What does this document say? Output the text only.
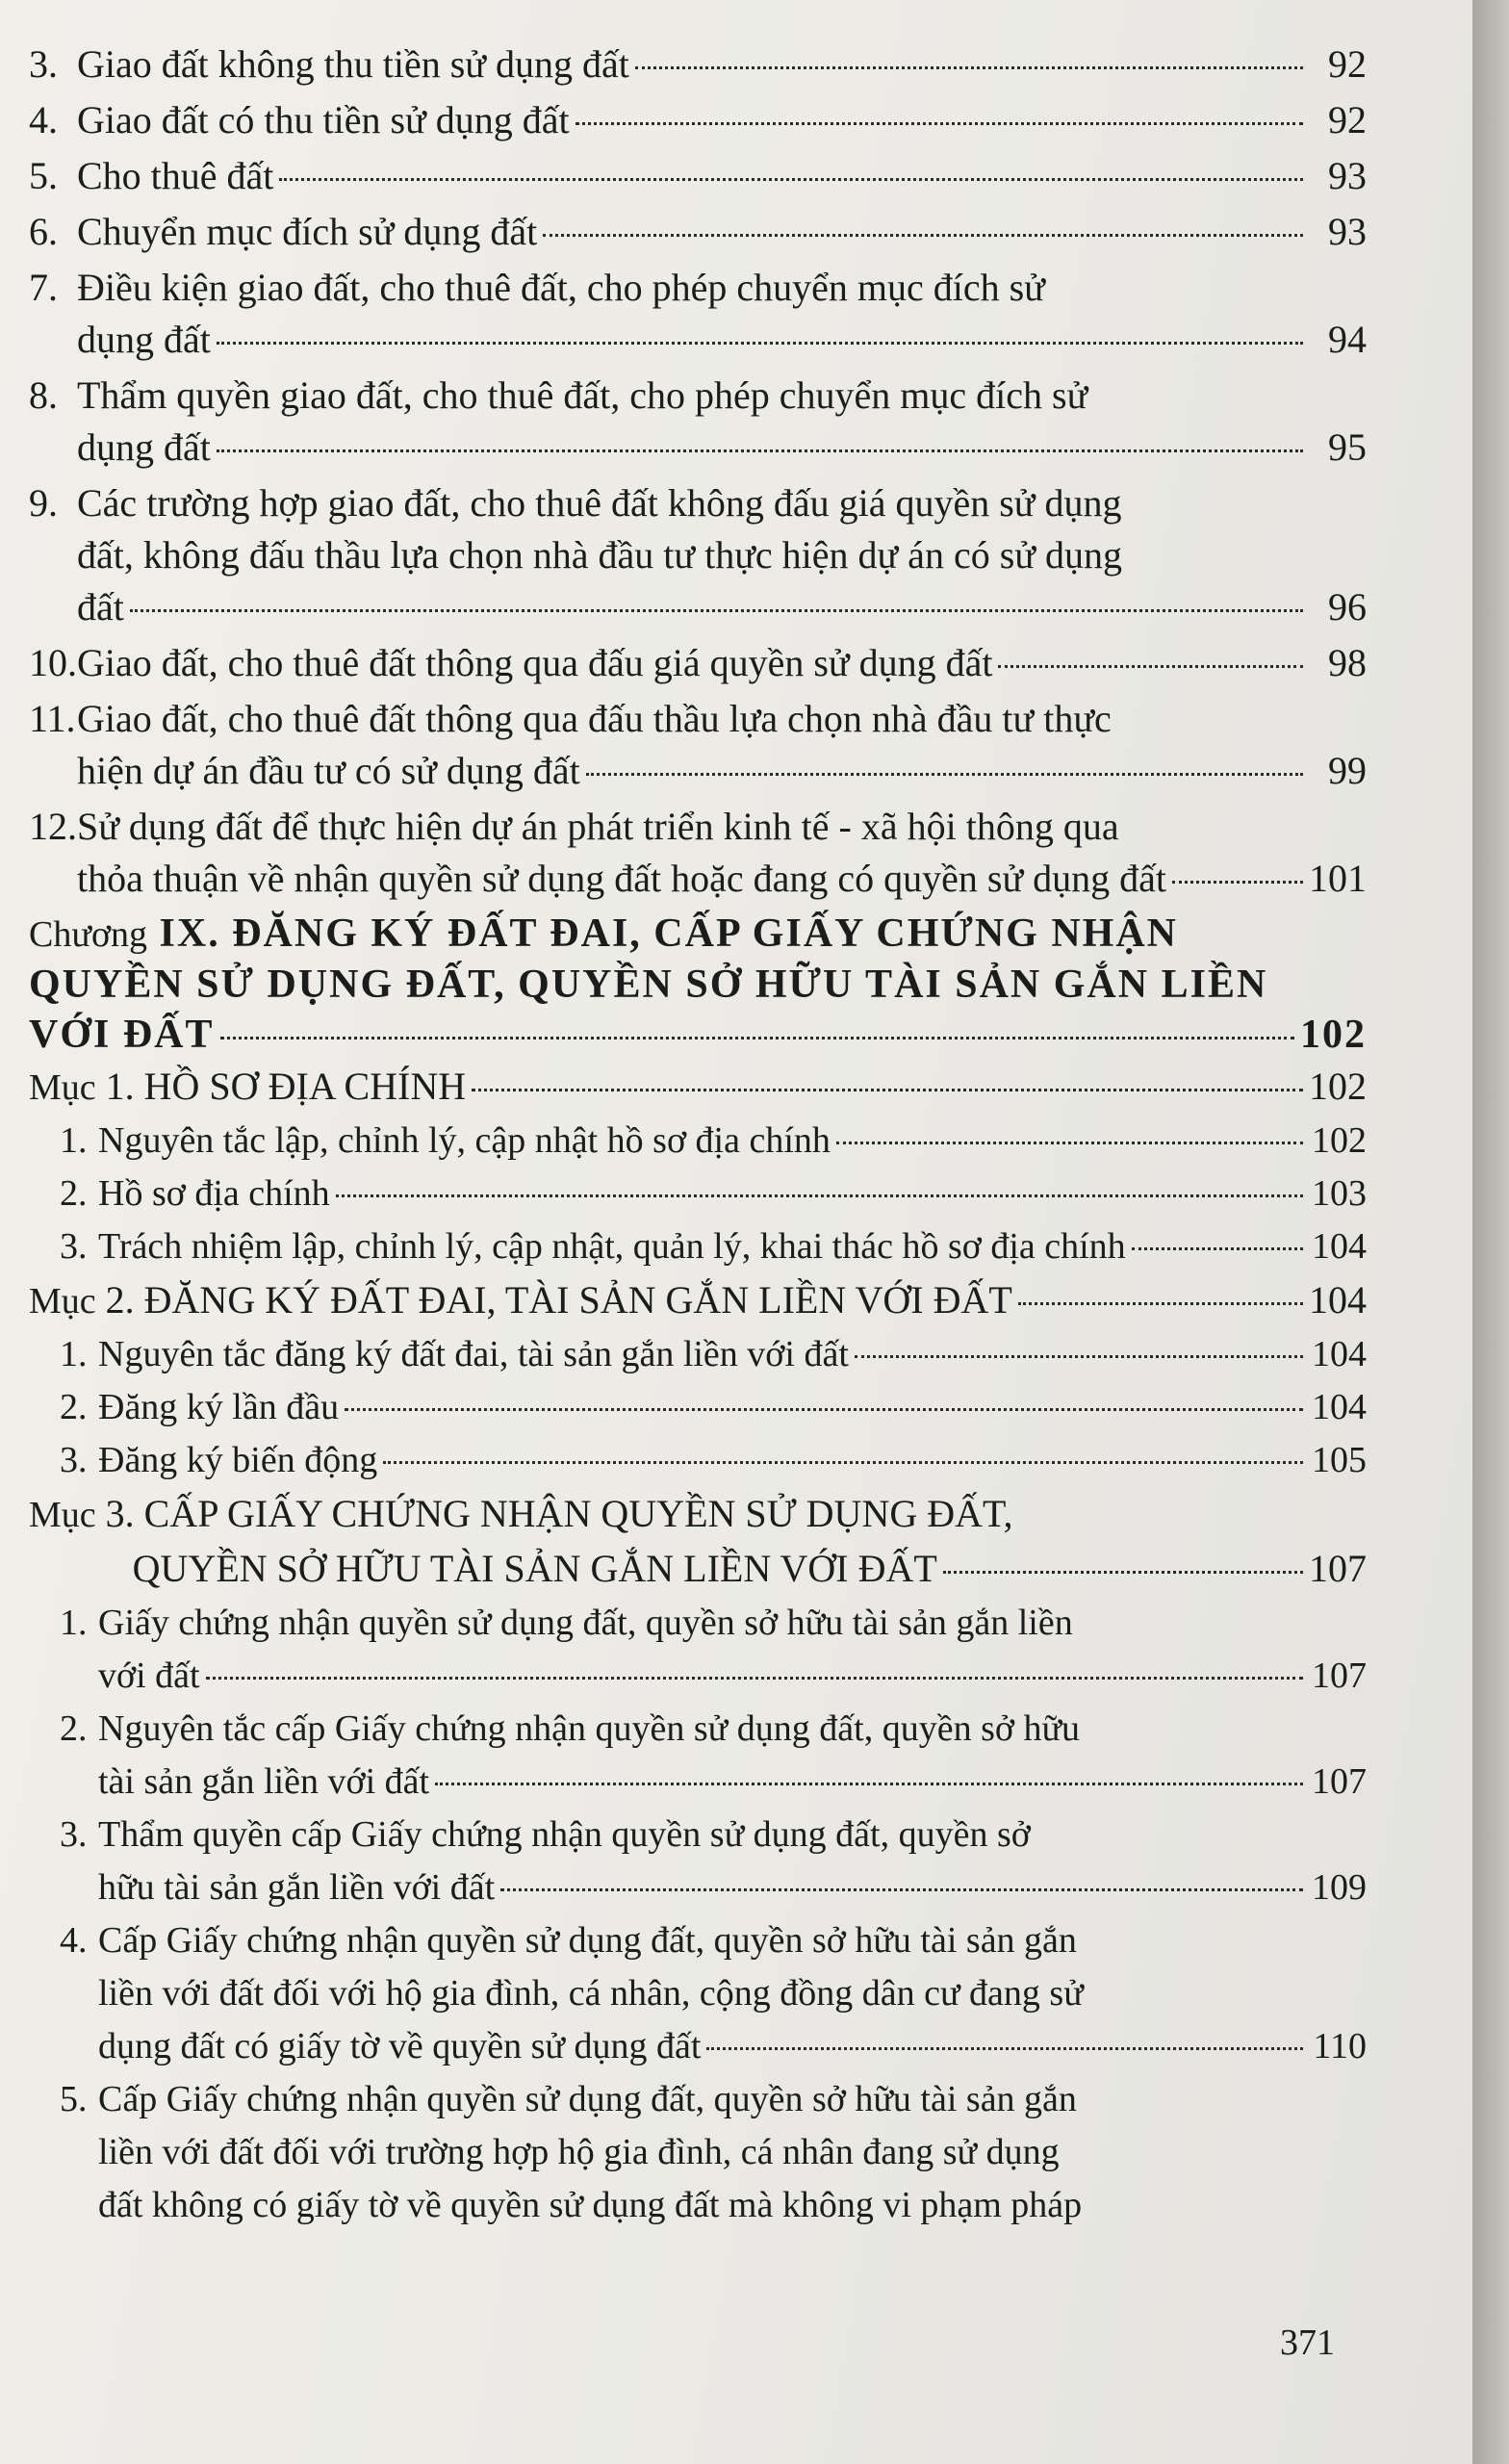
3. Giao đất không thu tiền sử dụng đất	92
4. Giao đất có thu tiền sử dụng đất	92
5. Cho thuê đất	93
6. Chuyển mục đích sử dụng đất	93
7. Điều kiện giao đất, cho thuê đất, cho phép chuyển mục đích sử
dụng đất	94
8. Thẩm quyền giao đất, cho thuê đất, cho phép chuyển mục đích sử
dụng đất	95
9. Các trường hợp giao đất, cho thuê đất không đấu giá quyền sử dụng
đất, không đấu thầu lựa chọn nhà đầu tư thực hiện dự án có sử dụng
đất	96
10. Giao đất, cho thuê đất thông qua đấu giá quyền sử dụng đất	98
11. Giao đất, cho thuê đất thông qua đấu thầu lựa chọn nhà đầu tư thực
hiện dự án đầu tư có sử dụng đất	99
12. Sử dụng đất để thực hiện dự án phát triển kinh tế - xã hội thông qua
thỏa thuận về nhận quyền sử dụng đất hoặc đang có quyền sử dụng đất	101
Chương
IX. ĐĂNG KÝ ĐẤT ĐAI, CẤP GIẤY CHỨNG NHẬN
QUYỀN SỬ DỤNG ĐẤT, QUYỀN SỞ HỮU TÀI SẢN GẮN LIỀN
VỚI ĐẤT	102
Mục
1. HỒ SƠ ĐỊA CHÍNH	102
1. Nguyên tắc lập, chỉnh lý, cập nhật hồ sơ địa chính	102
2. Hồ sơ địa chính	103
3. Trách nhiệm lập, chỉnh lý, cập nhật, quản lý, khai thác hồ sơ địa chính	104
Mục
2. ĐĂNG KÝ ĐẤT ĐAI, TÀI SẢN GẮN LIỀN VỚI ĐẤT	104
1. Nguyên tắc đăng ký đất đai, tài sản gắn liền với đất	104
2. Đăng ký lần đầu	104
3. Đăng ký biến động	105
Mục
3. CẤP GIẤY CHỨNG NHẬN QUYỀN SỬ DỤNG ĐẤT,
QUYỀN SỞ HỮU TÀI SẢN GẮN LIỀN VỚI ĐẤT	107
1. Giấy chứng nhận quyền sử dụng đất, quyền sở hữu tài sản gắn liền
với đất	107
2. Nguyên tắc cấp Giấy chứng nhận quyền sử dụng đất, quyền sở hữu
tài sản gắn liền với đất	107
3. Thẩm quyền cấp Giấy chứng nhận quyền sử dụng đất, quyền sở
hữu tài sản gắn liền với đất	109
4. Cấp Giấy chứng nhận quyền sử dụng đất, quyền sở hữu tài sản gắn
liền với đất đối với hộ gia đình, cá nhân, cộng đồng dân cư đang sử
dụng đất có giấy tờ về quyền sử dụng đất	110
5. Cấp Giấy chứng nhận quyền sử dụng đất, quyền sở hữu tài sản gắn
liền với đất đối với trường hợp hộ gia đình, cá nhân đang sử dụng
đất không có giấy tờ về quyền sử dụng đất mà không vi phạm pháp
371
